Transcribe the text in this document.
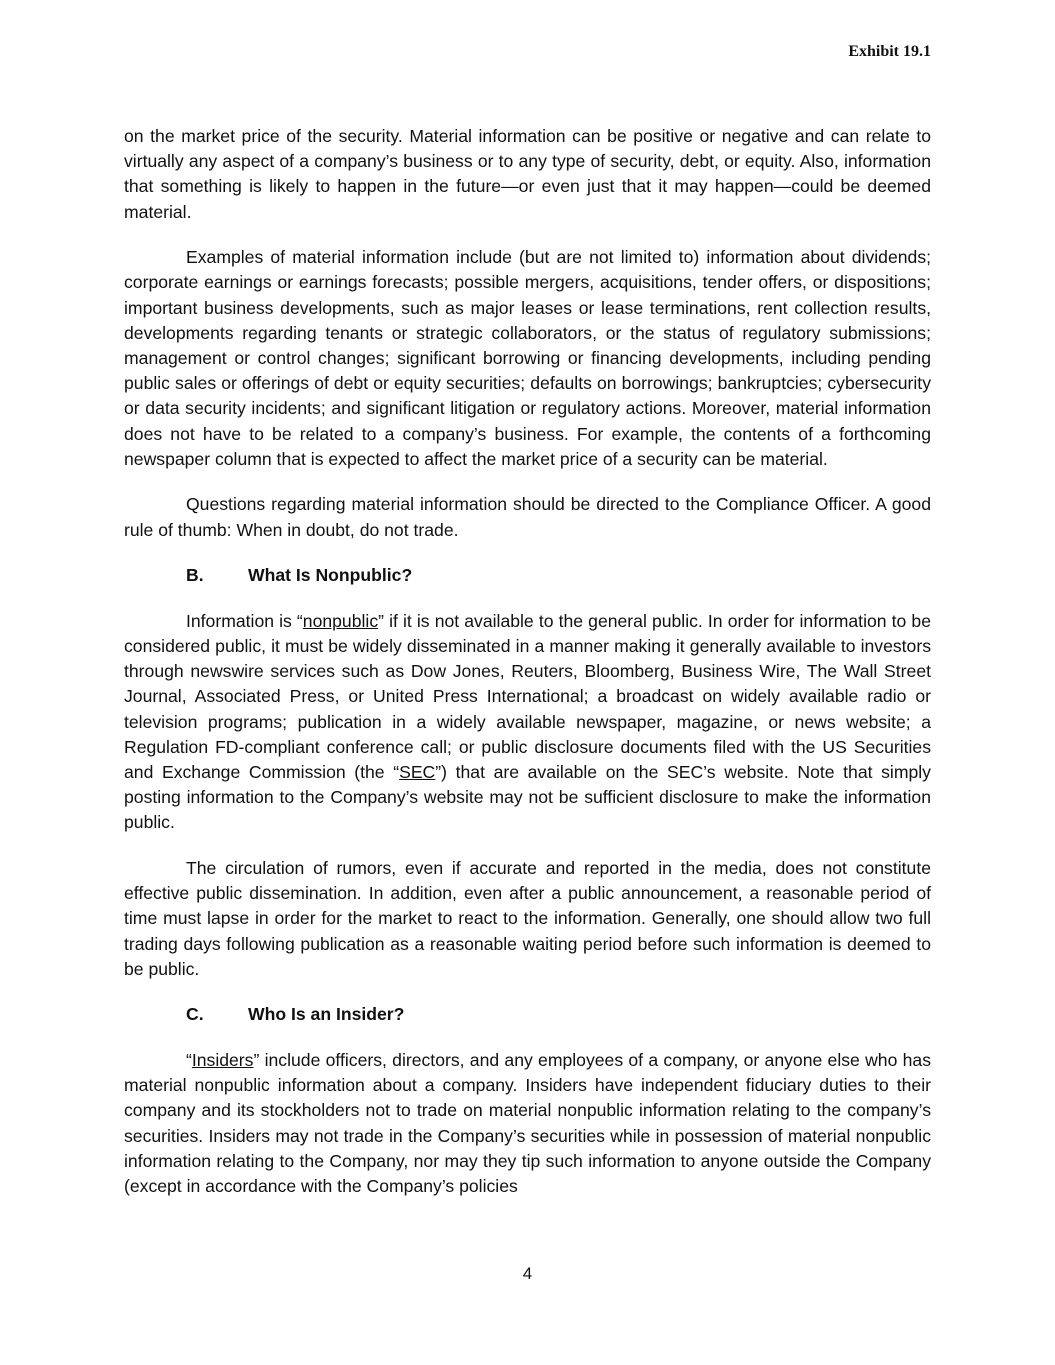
Exhibit 19.1

on the market price of the security. Material information can be positive or negative and can relate to virtually any aspect of a company’s business or to any type of security, debt, or equity. Also, information that something is likely to happen in the future—or even just that it may happen—could be deemed material.

Examples of material information include (but are not limited to) information about dividends; corporate earnings or earnings forecasts; possible mergers, acquisitions, tender offers, or dispositions; important business developments, such as major leases or lease terminations, rent collection results, developments regarding tenants or strategic collaborators, or the status of regulatory submissions; management or control changes; significant borrowing or financing developments, including pending public sales or offerings of debt or equity securities; defaults on borrowings; bankruptcies; cybersecurity or data security incidents; and significant litigation or regulatory actions. Moreover, material information does not have to be related to a company’s business. For example, the contents of a forthcoming newspaper column that is expected to affect the market price of a security can be material.

Questions regarding material information should be directed to the Compliance Officer. A good rule of thumb: When in doubt, do not trade.

B.	What Is Nonpublic?

Information is “nonpublic” if it is not available to the general public. In order for information to be considered public, it must be widely disseminated in a manner making it generally available to investors through newswire services such as Dow Jones, Reuters, Bloomberg, Business Wire, The Wall Street Journal, Associated Press, or United Press International; a broadcast on widely available radio or television programs; publication in a widely available newspaper, magazine, or news website; a Regulation FD-compliant conference call; or public disclosure documents filed with the US Securities and Exchange Commission (the “SEC”) that are available on the SEC’s website. Note that simply posting information to the Company’s website may not be sufficient disclosure to make the information public.

The circulation of rumors, even if accurate and reported in the media, does not constitute effective public dissemination. In addition, even after a public announcement, a reasonable period of time must lapse in order for the market to react to the information. Generally, one should allow two full trading days following publication as a reasonable waiting period before such information is deemed to be public.

C.	Who Is an Insider?

“Insiders” include officers, directors, and any employees of a company, or anyone else who has material nonpublic information about a company. Insiders have independent fiduciary duties to their company and its stockholders not to trade on material nonpublic information relating to the company’s securities. Insiders may not trade in the Company’s securities while in possession of material nonpublic information relating to the Company, nor may they tip such information to anyone outside the Company (except in accordance with the Company’s policies

4
